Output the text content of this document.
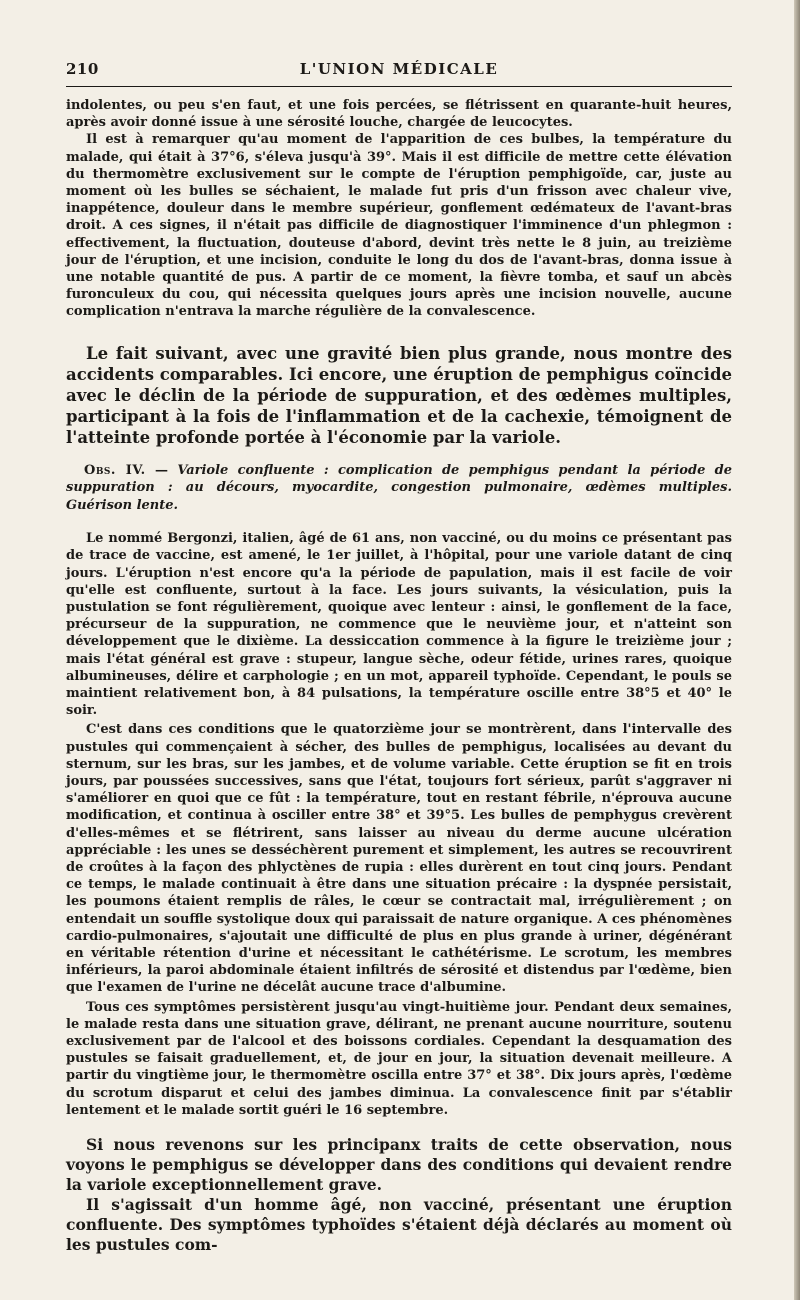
210	L'UNION MÉDICALE

indolentes, ou peu s'en faut, et une fois percées, se flétrissent en quarante-huit heures, après avoir donné issue à une sérosité louche, chargée de leucocytes.

Il est à remarquer qu'au moment de l'apparition de ces bulbes, la température du malade, qui était à 37°6, s'éleva jusqu'à 39°. Mais il est difficile de mettre cette élévation du thermomètre exclusivement sur le compte de l'éruption pemphigoïde, car, juste au moment où les bulles se séchaient, le malade fut pris d'un frisson avec chaleur vive, inappétence, douleur dans le membre supérieur, gonflement œdémateux de l'avant-bras droit. A ces signes, il n'était pas difficile de diagnostiquer l'imminence d'un phlegmon : effectivement, la fluctuation, douteuse d'abord, devint très nette le 8 juin, au treizième jour de l'éruption, et une incision, conduite le long du dos de l'avant-bras, donna issue à une notable quantité de pus. A partir de ce moment, la fièvre tomba, et sauf un abcès furonculeux du cou, qui nécessita quelques jours après une incision nouvelle, aucune complication n'entrava la marche régulière de la convalescence.

Le fait suivant, avec une gravité bien plus grande, nous montre des accidents comparables. Ici encore, une éruption de pemphigus coïncide avec le déclin de la période de suppuration, et des œdèmes multiples, participant à la fois de l'inflammation et de la cachexie, témoignent de l'atteinte profonde portée à l'économie par la variole.

Obs. IV. — Variole confluente : complication de pemphigus pendant la période de suppuration : au décours, myocardite, congestion pulmonaire, œdèmes multiples. Guérison lente.

Le nommé Bergonzi, italien, âgé de 61 ans, non vacciné, ou du moins ce présentant pas de trace de vaccine, est amené, le 1er juillet, à l'hôpital, pour une variole datant de cinq jours. L'éruption n'est encore qu'a la période de papulation, mais il est facile de voir qu'elle est confluente, surtout à la face. Les jours suivants, la vésiculation, puis la pustulation se font régulièrement, quoique avec lenteur : ainsi, le gonflement de la face, précurseur de la suppuration, ne commence que le neuvième jour, et n'atteint son développement que le dixième. La dessiccation commence à la figure le treizième jour ; mais l'état général est grave : stupeur, langue sèche, odeur fétide, urines rares, quoique albumineuses, délire et carphologie ; en un mot, appareil typhoïde. Cependant, le pouls se maintient relativement bon, à 84 pulsations, la température oscille entre 38°5 et 40° le soir.

C'est dans ces conditions que le quatorzième jour se montrèrent, dans l'intervalle des pustules qui commençaient à sécher, des bulles de pemphigus, localisées au devant du sternum, sur les bras, sur les jambes, et de volume variable. Cette éruption se fit en trois jours, par poussées successives, sans que l'état, toujours fort sérieux, parût s'aggraver ni s'améliorer en quoi que ce fût : la température, tout en restant fébrile, n'éprouva aucune modification, et continua à osciller entre 38° et 39°5. Les bulles de pemphygus crevèrent d'elles-mêmes et se flétrirent, sans laisser au niveau du derme aucune ulcération appréciable : les unes se desséchèrent purement et simplement, les autres se recouvrirent de croûtes à la façon des phlyctènes de rupia : elles durèrent en tout cinq jours. Pendant ce temps, le malade continuait à être dans une situation précaire : la dyspnée persistait, les poumons étaient remplis de râles, le cœur se contractait mal, irrégulièrement ; on entendait un souffle systolique doux qui paraissait de nature organique. A ces phénomènes cardio-pulmonaires, s'ajoutait une difficulté de plus en plus grande à uriner, dégénérant en véritable rétention d'urine et nécessitant le cathétérisme. Le scrotum, les membres inférieurs, la paroi abdominale étaient infiltrés de sérosité et distendus par l'œdème, bien que l'examen de l'urine ne décelât aucune trace d'albumine.

Tous ces symptômes persistèrent jusqu'au vingt-huitième jour. Pendant deux semaines, le malade resta dans une situation grave, délirant, ne prenant aucune nourriture, soutenu exclusivement par de l'alcool et des boissons cordiales. Cependant la desquamation des pustules se faisait graduellement, et, de jour en jour, la situation devenait meilleure. A partir du vingtième jour, le thermomètre oscilla entre 37° et 38°. Dix jours après, l'œdème du scrotum disparut et celui des jambes diminua. La convalescence finit par s'établir lentement et le malade sortit guéri le 16 septembre.

Si nous revenons sur les principanx traits de cette observation, nous voyons le pemphigus se développer dans des conditions qui devaient rendre la variole exceptionnellement grave.

Il s'agissait d'un homme âgé, non vacciné, présentant une éruption confluente. Des symptômes typhoïdes s'étaient déjà déclarés au moment où les pustules com-
